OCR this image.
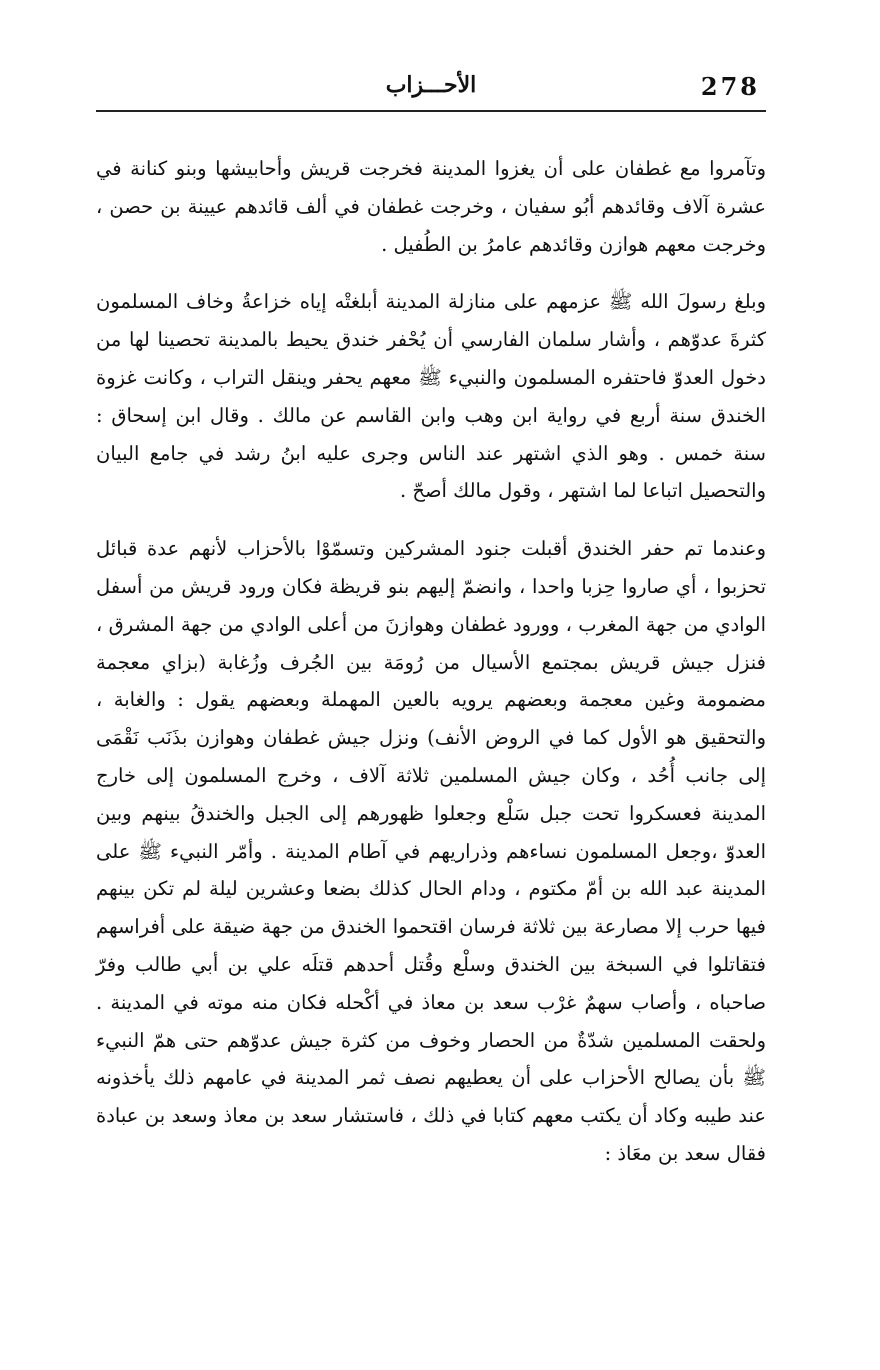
278
الأحـــزاب

وتآمروا مع غطفان على أن يغزوا المدينة فخرجت قريش وأحابيشها وبنو كنانة في عشرة آلاف وقائدهم أبُو سفيان ، وخرجت غطفان في ألف قائدهم عيينة بن حصن ، وخرجت معهم هوازن وقائدهم عامرُ بن الطُفيل .

وبلغ رسولَ الله ﷺ عزمهم على منازلة المدينة أبلغتْه إياه خزاعةُ وخاف المسلمون كثرةَ عدوّهم ، وأشار سلمان الفارسي أن يُحْفر خندق يحيط بالمدينة تحصينا لها من دخول العدوّ فاحتفره المسلمون والنبيء ﷺ معهم يحفر وينقل التراب ، وكانت غزوة الخندق سنة أربع في رواية ابن وهب وابن القاسم عن مالك . وقال ابن إسحاق : سنة خمس . وهو الذي اشتهر عند الناس وجرى عليه ابنُ رشد في جامع البيان والتحصيل اتباعا لما اشتهر ، وقول مالك أصحّ .

وعندما تم حفر الخندق أقبلت جنود المشركين وتسمّوْا بالأحزاب لأنهم عدة قبائل تحزبوا ، أي صاروا حِزبا واحدا ، وانضمّ إليهم بنو قريظة فكان ورود قريش من أسفل الوادي من جهة المغرب ، وورود غطفان وهوازنَ من أعلى الوادي من جهة المشرق ، فنزل جيش قريش بمجتمع الأسيال من رُومَة بين الجُرف وزُغابة (بزاي معجمة مضمومة وغين معجمة وبعضهم يرويه بالعين المهملة وبعضهم يقول : والغابة ، والتحقيق هو الأول كما في الروض الأنف) ونزل جيش غطفان وهوازن بذَنَب نَقْمَى إلى جانب أُحُد ، وكان جيش المسلمين ثلاثة آلاف ، وخرج المسلمون إلى خارج المدينة فعسكروا تحت جبل سَلْع وجعلوا ظهورهم إلى الجبل والخندقُ بينهم وبين العدوّ ،وجعل المسلمون نساءهم وذراريهم في آطام المدينة . وأمّر النبيء ﷺ على المدينة عبد الله بن أمّ مكتوم ، ودام الحال كذلك بضعا وعشرين ليلة لم تكن بينهم فيها حرب إلا مصارعة بين ثلاثة فرسان اقتحموا الخندق من جهة ضيقة على أفراسهم فتقاتلوا في السبخة بين الخندق وسلْع وقُتل أحدهم قتلَه علي بن أبي طالب وفرّ صاحباه ، وأصاب سهمٌ غرْب سعد بن معاذ في أكْحله فكان منه موته في المدينة . ولحقت المسلمين شدّةٌ من الحصار وخوف من كثرة جيش عدوّهم حتى همّ النبيء ﷺ بأن يصالح الأحزاب على أن يعطيهم نصف ثمر المدينة في عامهم ذلك يأخذونه عند طيبه وكاد أن يكتب معهم كتابا في ذلك ، فاستشار سعد بن معاذ وسعد بن عبادة فقال سعد بن معَاذ :
